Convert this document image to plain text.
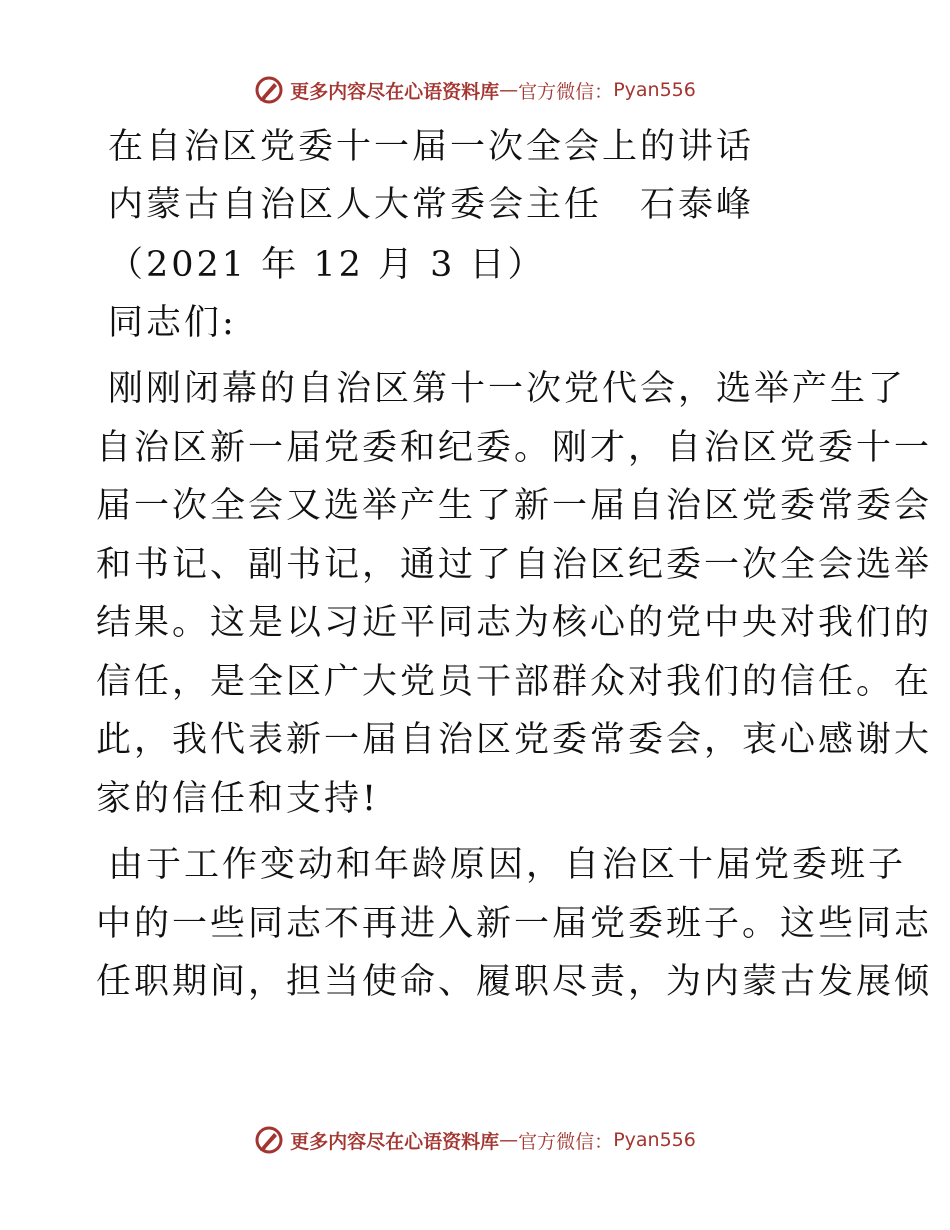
更多内容尽在心语资料库 — 官方微信： Pyan556
在自治区党委十一届一次全会上的讲话
内蒙古自治区人大常委会主任　石泰峰
（2021 年 12 月 3 日）
同志们:
刚刚闭幕的自治区第十一次党代会，选举产生了
自治区新一届党委和纪委。刚才，自治区党委十一
届一次全会又选举产生了新一届自治区党委常委会
和书记、副书记，通过了自治区纪委一次全会选举
结果。这是以习近平同志为核心的党中央对我们的
信任，是全区广大党员干部群众对我们的信任。在
此，我代表新一届自治区党委常委会，衷心感谢大
家的信任和支持!
由于工作变动和年龄原因，自治区十届党委班子
中的一些同志不再进入新一届党委班子。这些同志
任职期间，担当使命、履职尽责，为内蒙古发展倾
更多内容尽在心语资料库 — 官方微信： Pyan556
